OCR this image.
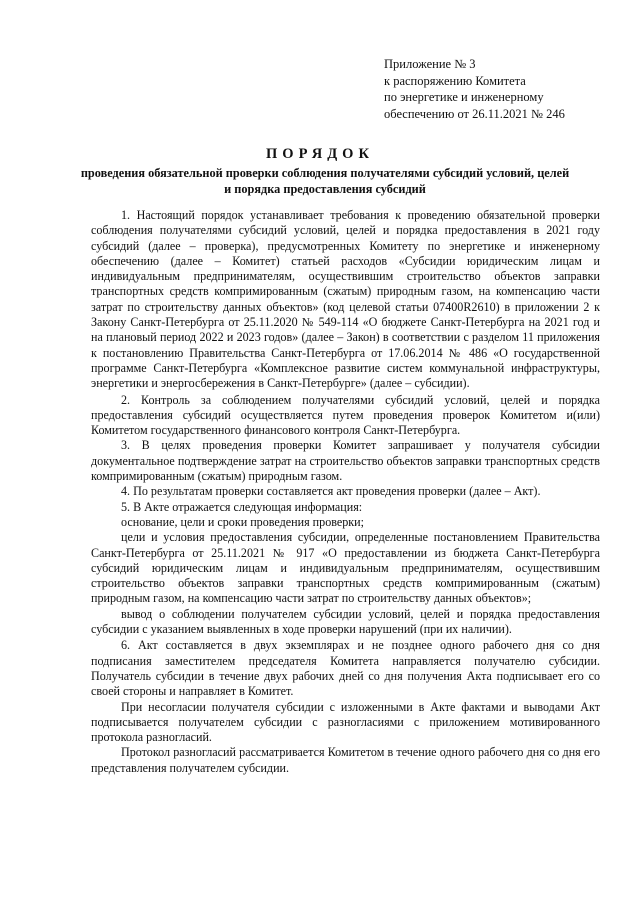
Приложение № 3
к распоряжению Комитета
по энергетике и инженерному
обеспечению от 26.11.2021 № 246
ПОРЯДОК
проведения обязательной проверки соблюдения получателями субсидий условий, целей и порядка предоставления субсидий

1. Настоящий порядок устанавливает требования к проведению обязательной проверки соблюдения получателями субсидий условий, целей и порядка предоставления в 2021 году субсидий (далее – проверка), предусмотренных Комитету по энергетике и инженерному обеспечению (далее – Комитет) статьей расходов «Субсидии юридическим лицам и индивидуальным предпринимателям, осуществившим строительство объектов заправки транспортных средств компримированным (сжатым) природным газом, на компенсацию части затрат по строительству данных объектов» (код целевой статьи 07400R2610) в приложении 2 к Закону Санкт-Петербурга от 25.11.2020 № 549-114 «О бюджете Санкт-Петербурга на 2021 год и на плановый период 2022 и 2023 годов» (далее – Закон) в соответствии с разделом 11 приложения к постановлению Правительства Санкт-Петербурга от 17.06.2014 № 486 «О государственной программе Санкт-Петербурга «Комплексное развитие систем коммунальной инфраструктуры, энергетики и энергосбережения в Санкт-Петербурге» (далее – субсидии).

2. Контроль за соблюдением получателями субсидий условий, целей и порядка предоставления субсидий осуществляется путем проведения проверок Комитетом и(или) Комитетом государственного финансового контроля Санкт-Петербурга.

3. В целях проведения проверки Комитет запрашивает у получателя субсидии документальное подтверждение затрат на строительство объектов заправки транспортных средств компримированным (сжатым) природным газом.

4. По результатам проверки составляется акт проведения проверки (далее – Акт).

5. В Акте отражается следующая информация:

основание, цели и сроки проведения проверки;

цели и условия предоставления субсидии, определенные постановлением Правительства Санкт-Петербурга от 25.11.2021 № 917 «О предоставлении из бюджета Санкт-Петербурга субсидий юридическим лицам и индивидуальным предпринимателям, осуществившим строительство объектов заправки транспортных средств компримированным (сжатым) природным газом, на компенсацию части затрат по строительству данных объектов»;

вывод о соблюдении получателем субсидии условий, целей и порядка предоставления субсидии с указанием выявленных в ходе проверки нарушений (при их наличии).

6. Акт составляется в двух экземплярах и не позднее одного рабочего дня со дня подписания заместителем председателя Комитета направляется получателю субсидии. Получатель субсидии в течение двух рабочих дней со дня получения Акта подписывает его со своей стороны и направляет в Комитет.

При несогласии получателя субсидии с изложенными в Акте фактами и выводами Акт подписывается получателем субсидии с разногласиями с приложением мотивированного протокола разногласий.

Протокол разногласий рассматривается Комитетом в течение одного рабочего дня со дня его представления получателем субсидии.
